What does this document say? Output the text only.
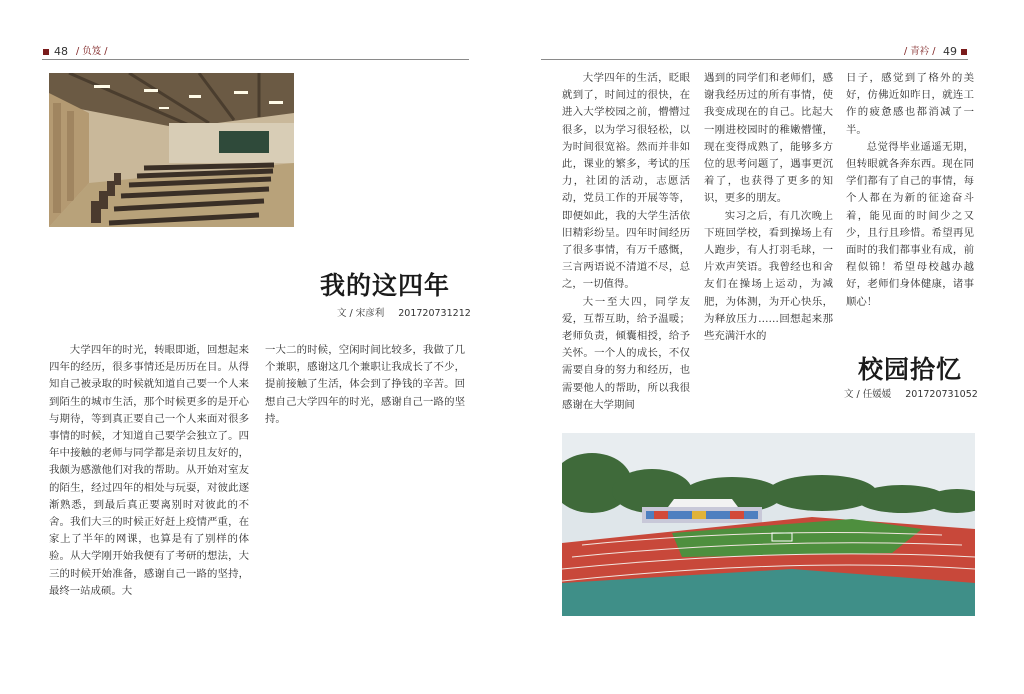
48 / 负笈 /	/ 青衿 / 49
我的这四年
文 / 宋彦利 201720731212

大学四年的时光，转眼即逝，回想起来四年的经历，很多事情还是历历在目。从得知自己被录取的时候就知道自己要一个人来到陌生的城市生活，那个时候更多的是开心与期待，等到真正要自己一个人来面对很多事情的时候，才知道自己要学会独立了。四年中接触的老师与同学都是亲切且友好的，我颇为感激他们对我的帮助。从开始对室友的陌生，经过四年的相处与玩耍，对彼此逐渐熟悉，到最后真正要离别时对彼此的不舍。我们大三的时候正好赶上疫情严重，在家上了半年的网课，也算是有了别样的体验。从大学刚开始我便有了考研的想法，大三的时候开始准备，感谢自己一路的坚持，最终一站成硕。大

一大二的时候，空闲时间比较多，我做了几个兼职，感谢这几个兼职让我成长了不少，提前接触了生活，体会到了挣钱的辛苦。回想自己大学四年的时光，感谢自己一路的坚持。

大学四年的生活，眨眼就到了，时间过的很快，在进入大学校园之前，懵懵过很多，以为学习很轻松，以为时间很宽裕。然而并非如此，课业的繁多，考试的压力，社团的活动，志愿活动，党员工作的开展等等，即便如此，我的大学生活依旧精彩纷呈。四年时间经历了很多事情，有万千感慨，三言两语说不清道不尽，总之，一切值得。

大一至大四，同学友爱，互帮互助，给予温暖；老师负责，倾囊相授，给予关怀。一个人的成长，不仅需要自身的努力和经历，也需要他人的帮助，所以我很感谢在大学期间

遇到的同学们和老师们，感谢我经历过的所有事情，使我变成现在的自己。比起大一刚进校园时的稚嫩懵懂，现在变得成熟了，能够多方位的思考问题了，遇事更沉着了，也获得了更多的知识，更多的朋友。

实习之后，有几次晚上下班回学校，看到操场上有人跑步，有人打羽毛球，一片欢声笑语。我曾经也和舍友们在操场上运动，为减肥，为体测，为开心快乐，为释放压力……回想起来那些充满汗水的

日子，感觉到了格外的美好，仿佛近如昨日，就连工作的疲惫感也都消减了一半。

总觉得毕业遥遥无期，但转眼就各奔东西。现在同学们都有了自己的事情，每个人都在为新的征途奋斗着，能见面的时间少之又少，且行且珍惜。希望再见面时的我们都事业有成，前程似锦！希望母校越办越好，老师们身体健康，诸事顺心！

校园拾忆
文 / 任媛媛 201720731052
